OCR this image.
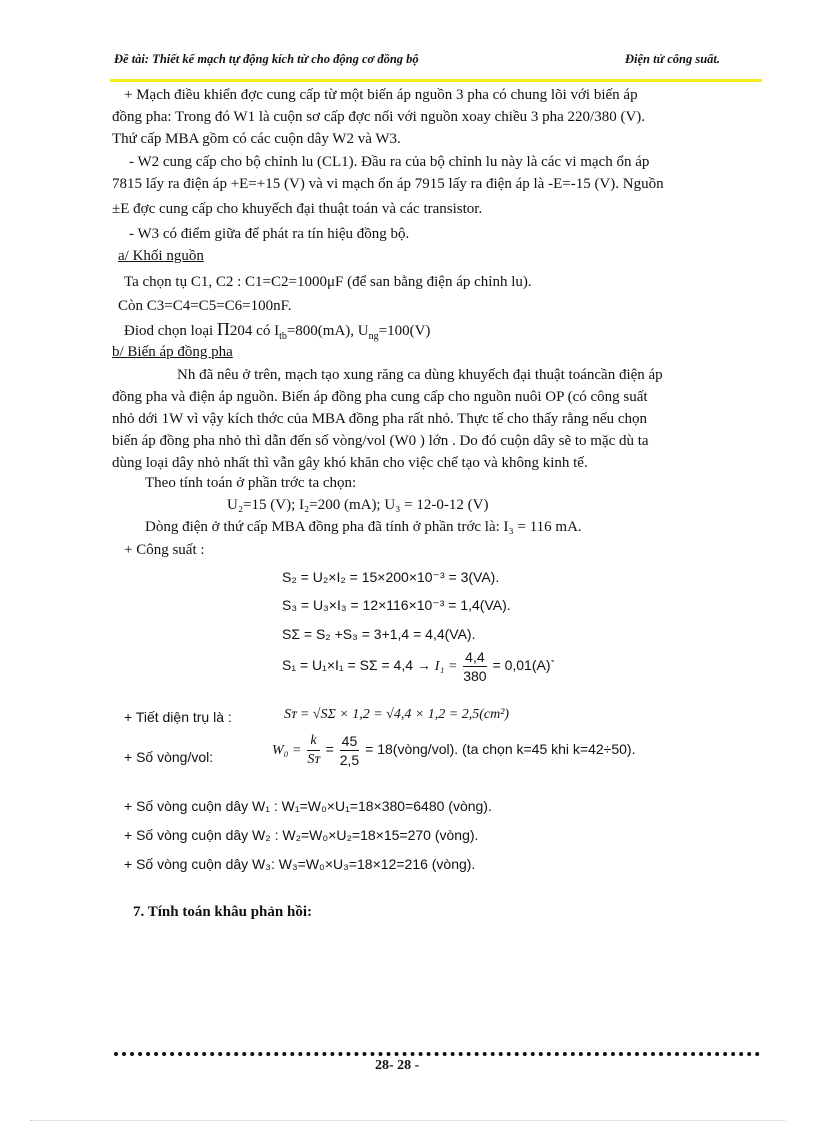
Đề tài: Thiết kế mạch tự động kích từ cho động cơ đồng bộ	Điện tử công suất.
+ Mạch điều khiển đợc cung cấp từ một biến áp nguồn 3 pha có chung lõi với biến áp
đồng pha: Trong đó W1 là cuộn sơ cấp đợc nối với nguồn xoay chiều 3 pha 220/380 (V).
Thứ cấp MBA gồm có các cuộn dây W2 và W3.
- W2 cung cấp cho bộ chỉnh lu (CL1). Đầu ra của bộ chỉnh lu này là các vi mạch ổn áp
7815 lấy ra điện áp +E=+15 (V) và vi mạch ổn áp 7915 lấy ra điện áp là -E=-15 (V). Nguồn
±E đợc cung cấp cho khuyếch đại thuật toán và các transistor.
- W3 có điểm giữa để phát ra tín hiệu đồng bộ.
a/ Khối nguồn
Ta chọn tụ C1, C2 : C1=C2=1000μF (để san bằng điện áp chỉnh lu).
Còn C3=C4=C5=C6=100nF.
Điod chọn loại Π204 có $I_{tb}=800(mA)$, $U_{ng}=100(V)$
b/ Biến áp đồng pha
Nh đã nêu ở trên, mạch tạo xung răng ca dùng khuyếch đại thuật toáncần điện áp
đồng pha và điện áp nguồn. Biến áp đồng pha cung cấp cho nguồn nuôi OP (có công suất
nhỏ dới 1W vì vậy kích thớc của MBA đồng pha rất nhỏ. Thực tế cho thấy rằng nếu chọn
biến áp đồng pha nhỏ thì dẫn đến số vòng/vol (W0 ) lớn . Do đó cuộn dây sẽ to mặc dù ta
dùng loại dây nhỏ nhất thì vẫn gây khó khăn cho việc chế tạo và không kinh tế.
Theo tính toán ở phần trớc ta chọn:
U₂=15 (V); I₂=200 (mA); U₃ = 12-0-12 (V)
Dòng điện ở thứ cấp MBA đồng pha đã tính ở phần trớc là: I₃ = 116 mA.
+ Công suất :
S₂ = U₂×I₂ = 15×200×10⁻³ = 3(VA).
S₃ = U₃×I₃ = 12×116×10⁻³ = 1,4(VA).
SΣ = S₂ +S₃ = 3+1,4 = 4,4(VA).
$S_1 = U_1\times I_1 = S\Sigma = 4,4 \to I_1 = \frac{4,4}{380}$ = 0,01(A)`
+ Tiết diện trụ là :	Sᴛ = √SΣ × 1,2 = √4,4 × 1,2 = 2,5(cm²)
+ Số vòng/vol:	$W_0 = \frac{k}{\text{Sᴛ}} = \frac{45}{2,5}$ = 18(vòng/vol). (ta chọn k=45 khi k=42÷50).
+ Số vòng cuộn dây W₁ : W₁=W₀×U₁=18×380=6480 (vòng).
+ Số vòng cuộn dây W₂ : W₂=W₀×U₂=18×15=270 (vòng).
+ Số vòng cuộn dây W₃: W₃=W₀×U₃=18×12=216 (vòng).
7. Tính toán khâu phản hồi:
28- 28 -
